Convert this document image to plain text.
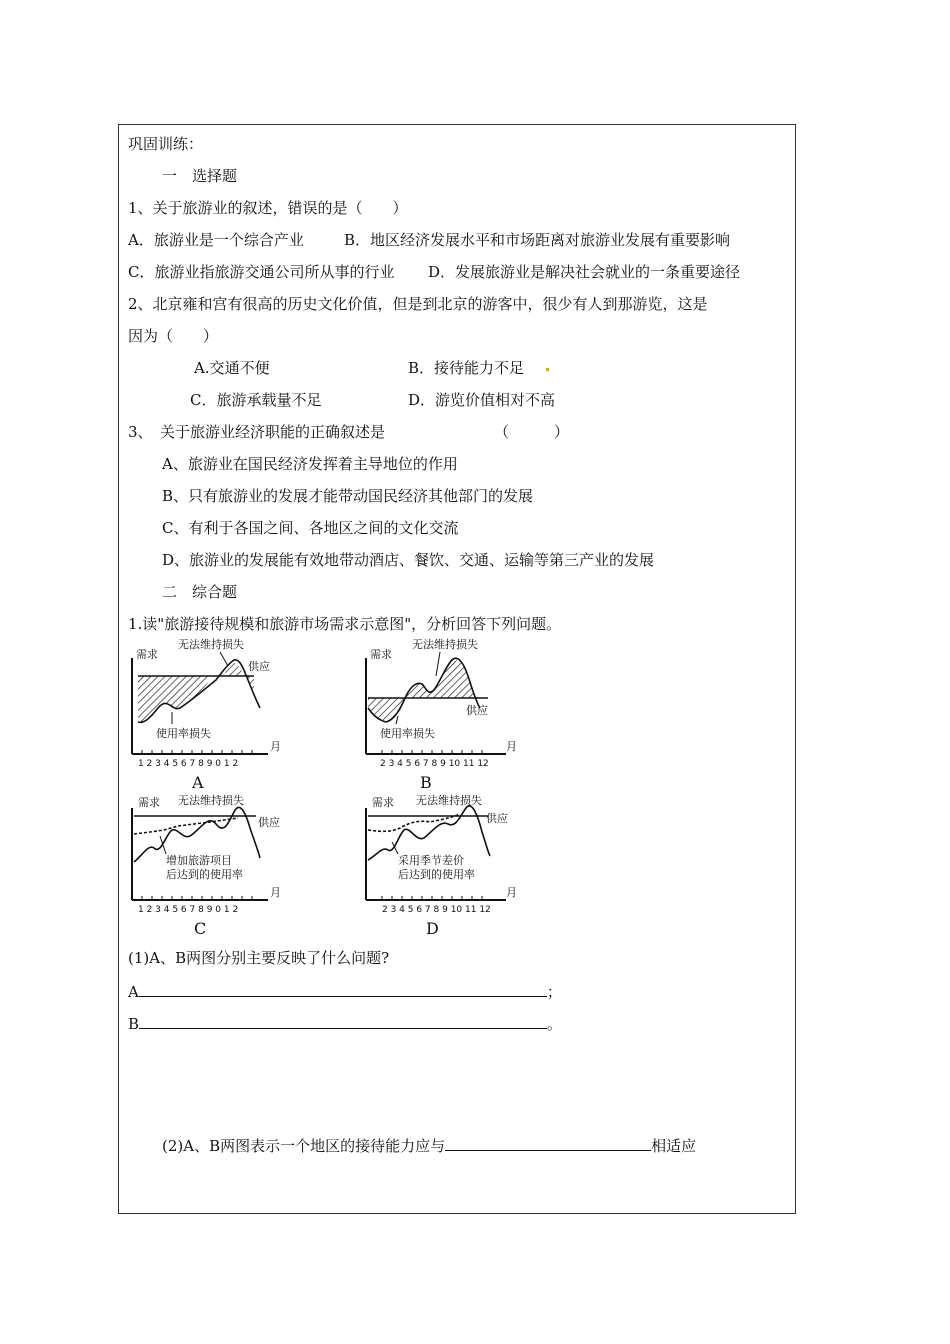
巩固训练：
一　选择题
1、关于旅游业的叙述，错误的是（　　）
A．旅游业是一个综合产业	B．地区经济发展水平和市场距离对旅游业发展有重要影响
C．旅游业指旅游交通公司所从事的行业 D．发展旅游业是解决社会就业的一条重要途径
2、北京雍和宫有很高的历史文化价值，但是到北京的游客中，很少有人到那游览，这是
因为（　　）
A.交通不便	B．接待能力不足
C．旅游承载量不足	D．游览价值相对不高
3、　关于旅游业经济职能的正确叙述是	（　　　）
A、旅游业在国民经济发挥着主导地位的作用
B、只有旅游业的发展才能带动国民经济其他部门的发展
C、有利于各国之间、各地区之间的文化交流
D、旅游业的发展能有效地带动酒店、餐饮、交通、运输等第三产业的发展
二　综合题
1.读"旅游接待规模和旅游市场需求示意图"，分析回答下列问题。
需求
无法维持损失
供应
使用率损失
月
1 2 3 4 5 6 7 8 9 0 1 2
A
需求
无法维持损失
供应
使用率损失
月
2 3 4 5 6 7 8 9 10 11 12
B
需求 无法维持损失
供应
增加旅游项目
后达到的使用率
月
1 2 3 4 5 6 7 8 9 0 1 2
C
需求 无法维持损失
供应
采用季节差价
后达到的使用率
月
2 3 4 5 6 7 8 9 10 11 12
D
(1)A、B两图分别主要反映了什么问题?
A	；
B	。
(2)A、B两图表示一个地区的接待能力应与	相适应
